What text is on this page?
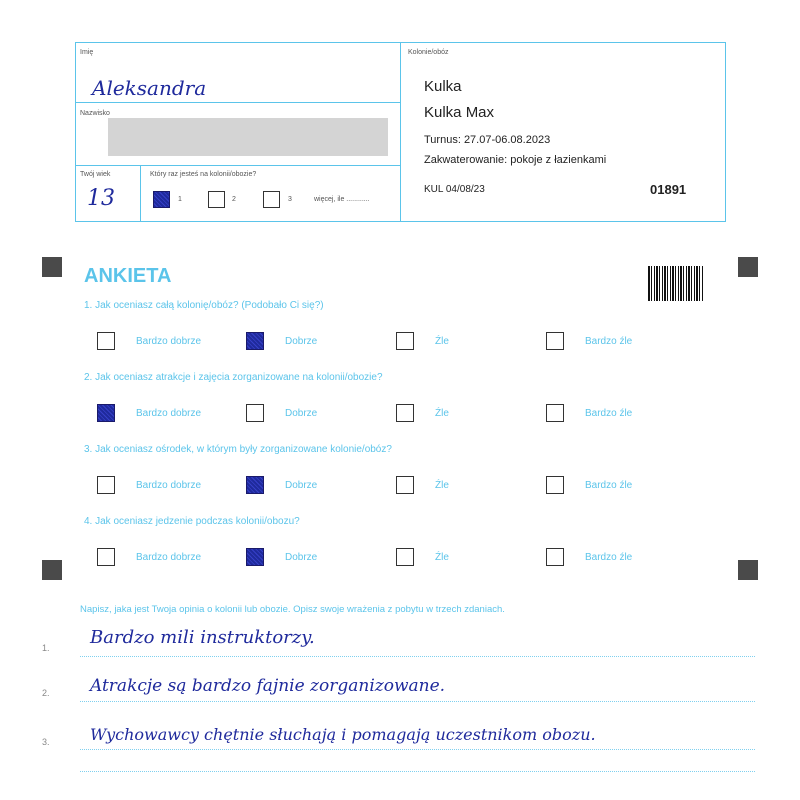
Imię
Aleksandra
Nazwisko
Twój wiek
13
Który raz jesteś na kolonii/obozie?
1	2	3	więcej, ile ............
Kolonie/obóz
Kulka
Kulka Max
Turnus: 27.07-06.08.2023
Zakwaterowanie: pokoje z łazienkami
KUL 04/08/23	01891
ANKIETA
1. Jak oceniasz całą kolonię/obóz? (Podobało Ci się?)
Bardzo dobrze	Dobrze	Źle	Bardzo źle
2. Jak oceniasz atrakcje i zajęcia zorganizowane na kolonii/obozie?
Bardzo dobrze	Dobrze	Źle	Bardzo źle
3. Jak oceniasz ośrodek, w którym były zorganizowane kolonie/obóz?
Bardzo dobrze	Dobrze	Źle	Bardzo źle
4. Jak oceniasz jedzenie podczas kolonii/obozu?
Bardzo dobrze	Dobrze	Źle	Bardzo źle
Napisz, jaka jest Twoja opinia o kolonii lub obozie. Opisz swoje wrażenia z pobytu w trzech zdaniach.
1. Bardzo mili instruktorzy.
2. Atrakcje są bardzo fajnie zorganizowane.
3.	Wychowawcy chętnie słuchają i pomagają uczestnikom obozu.
